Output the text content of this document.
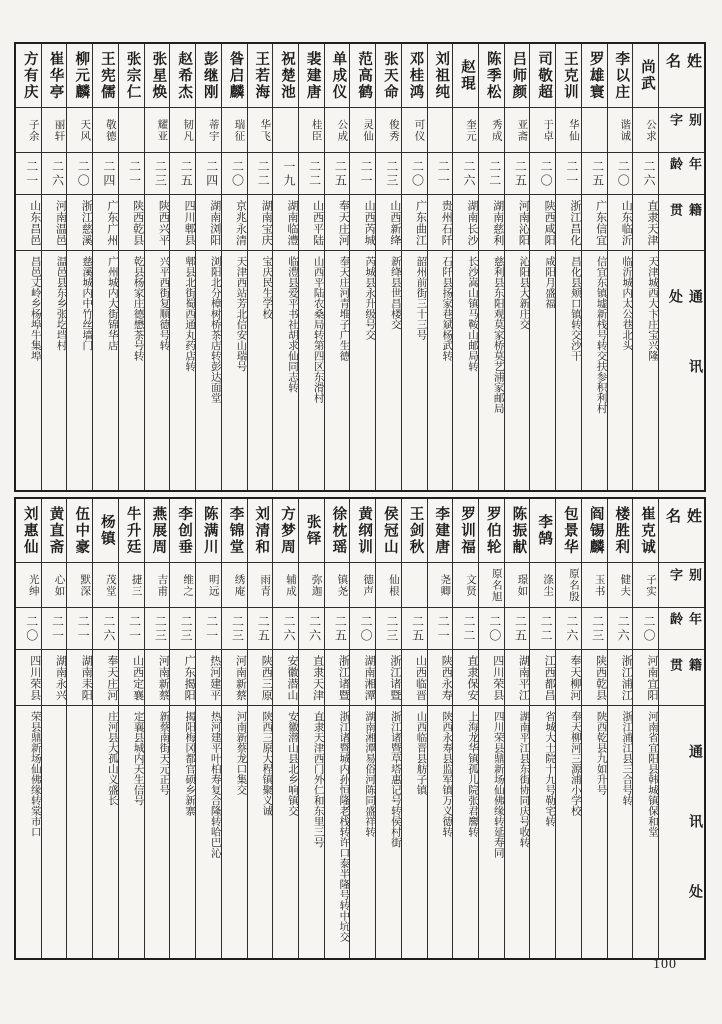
姓名
别字
年龄
籍贯
通讯处
尚武
公求
二六
直隶天津
天津城西大卞庄宝兴隆
李以庄
谐诚
二〇
山东临沂
临沂城内太公巷北头
罗雄寰
二五
广东信宜
信宜东镇墟新栈号转交扶参积利村
王克训
华仙
二一
浙江昌化
昌化县颊口镇转交沙干
司敬超
于卓
二〇
陕西咸阳
咸阳月盛福
吕师颜
亚斋
二五
河南沁阳
沁阳县大新庄交
陈季松
秀成
二二
湖南慈利
慈利县东阳观莫家桥莫艺浦家邮局
赵琨
奎元
二六
湖南长沙
长沙嵩山镇马鞍山邮局转
刘祖纯
二一
贵州石阡
石阡县扬家巷斌杨武转
邓桂鸿
可仪
二〇
广东曲江
韶州前街三十三号
张天命
俊秀
二三
山西新绛
新绛县世昌楼交
范高鹤
灵仙
二一
山西芮城
芮城县永升级号交
单成仪
公成
二五
奉天庄河
奉天庄河青堆子广生德
裴建唐
桂臣
二二
山西平陆
山西平陆农桑局转第四区东滑村
祝楚池
一九
湖南临澧
临澧县爱平书社胡求仙同志转
王若海
华飞
二二
湖南宝庆
宝庆民生学校
昝启麟
瑞征
二〇
京兆永清
天津西站芳北信安山瑞号
彭继刚
蒂宇
二四
湖南浏阳
浏阳北分樟树桥茶店转彭达面堂
赵希杰
韧凡
二五
四川郫县
郫县北街蜀西通丸药店转
张星焕
耀亚
二三
陕西兴平
兴平西街复顺德号转
张宗仁
二一
陕西乾县
乾县杨家庄德懋茶号转
王宪儒
敬德
二四
广东广州
广州城内大街锦华店
柳元麟
天风
二〇
浙江慈溪
慈溪城内中竹丝墙门
崔华亭
丽轩
二六
河南温邑
温邑县东乡张圪垱村
方有庆
子余
二一
山东昌邑
昌邑丈岭乡杨埠牛集埠
姓名
别字
年龄
籍贯
通讯处
崔克诚
子实
二〇
河南宜阳
河南省宜阳县韩城镇保和堂
楼胜利
健夫
二六
浙江浦江
浙江浦江县三合号转
阎锡麟
玉书
二三
陕西乾县
陕西乾县九如升号
包景华
原名殷
二六
奉天柳河
奉天柳河三源浦小学校
李鹄
涤尘
二二
江西都昌
省城大士院十九号勒宅转
陈振献
璟如
二五
湖南平江
湖南平江县东街协同庆号收转
罗伯轮
原名旭
二〇
四川荣县
四川荣县鼎新场仙佛缘转延寿同
罗训福
文贤
二二
直隶保安
上海龙华镇孤儿院张君麐转
李建唐
尧卿
二一
陕西永寿
陕西永寿县监军镇万义德转
王剑秋
二五
山西临晋
山西临晋县舫子镇
侯冠山
仙根
二三
浙江诸暨
浙江诸暨草塔惠记号转侯村街
黄纲训
德声
二〇
湖南湘潭
湖南湘潭易俗河陈同盛祥转
徐枕瑶
镇尧
二五
浙江诸暨
浙江诸暨城内孙恒隆老栈转许口泰半隆号转中坑交
张铎
弥迦
二六
直隶天津
直隶天津西门外仁和东里三号
方梦周
辅成
二六
安徽潜山
安徽潜山县北乡响镇交
刘清和
雨青
二五
陕西三原
陕西三原大程镇聚义诚
李锦堂
绣庵
二三
河南新蔡
河南新蔡龙口集交
陈满川
明远
二一
热河建平
热河建平叶柏寿复合隆转哈巴沁
李创垂
维之
二三
广东揭阳
揭阳梅冈都官硕乡新寨
燕展周
吉甫
二三
河南新蔡
新蔡南街天元正号
牛升廷
捷三
二一
山西定襄
定襄县城内天生信号
杨镇
茂堂
二六
奉天庄河
庄河县大孤山义盛长
伍中豪
默深
二一
湖南耒阳
黄直斋
心如
二一
湖南永兴
刘惠仙
光绅
二〇
四川荣县
荣县鼎新场仙佛缘转棠市口
100
